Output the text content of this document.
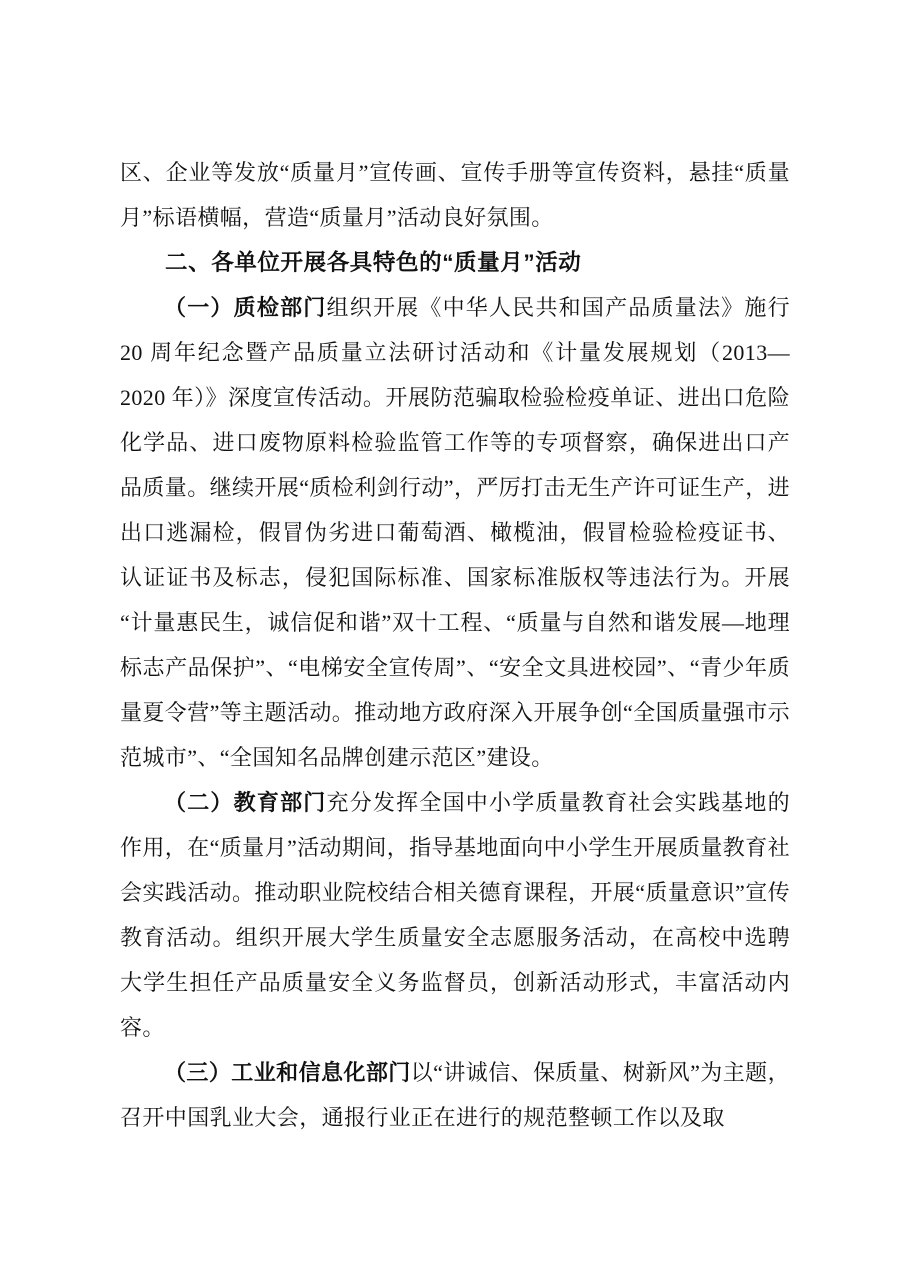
区、企业等发放“质量月”宣传画、宣传手册等宣传资料，悬挂“质量月”标语横幅，营造“质量月”活动良好氛围。

二、各单位开展各具特色的“质量月”活动

（一）质检部门组织开展《中华人民共和国产品质量法》施行20 周年纪念暨产品质量立法研讨活动和《计量发展规划（2013—2020 年）》深度宣传活动。开展防范骗取检验检疫单证、进出口危险化学品、进口废物原料检验监管工作等的专项督察，确保进出口产品质量。继续开展“质检利剑行动”，严厉打击无生产许可证生产，进出口逃漏检，假冒伪劣进口葡萄酒、橄榄油，假冒检验检疫证书、认证证书及标志，侵犯国际标准、国家标准版权等违法行为。开展“计量惠民生，诚信促和谐”双十工程、“质量与自然和谐发展—地理标志产品保护”、“电梯安全宣传周”、“安全文具进校园”、“青少年质量夏令营”等主题活动。推动地方政府深入开展争创“全国质量强市示范城市”、“全国知名品牌创建示范区”建设。

（二）教育部门充分发挥全国中小学质量教育社会实践基地的作用，在“质量月”活动期间，指导基地面向中小学生开展质量教育社会实践活动。推动职业院校结合相关德育课程，开展“质量意识”宣传教育活动。组织开展大学生质量安全志愿服务活动，在高校中选聘大学生担任产品质量安全义务监督员，创新活动形式，丰富活动内容。

（三）工业和信息化部门以“讲诚信、保质量、树新风”为主题，召开中国乳业大会，通报行业正在进行的规范整顿工作以及取
